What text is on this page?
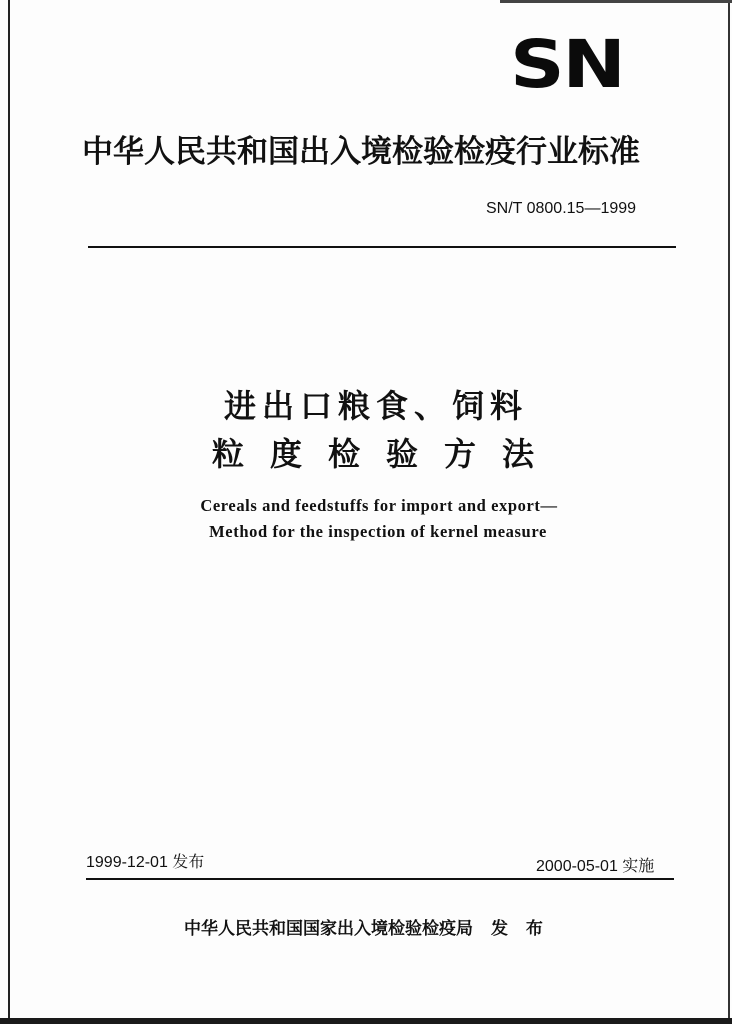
SN
中华人民共和国出入境检验检疫行业标准
SN/T 0800.15—1999
进出口粮食、饲料
粒度检验方法
Cereals and feedstuffs for import and export—
Method for the inspection of kernel measure
1999-12-01 发布	2000-05-01 实施
中华人民共和国国家出入境检验检疫局 发 布
